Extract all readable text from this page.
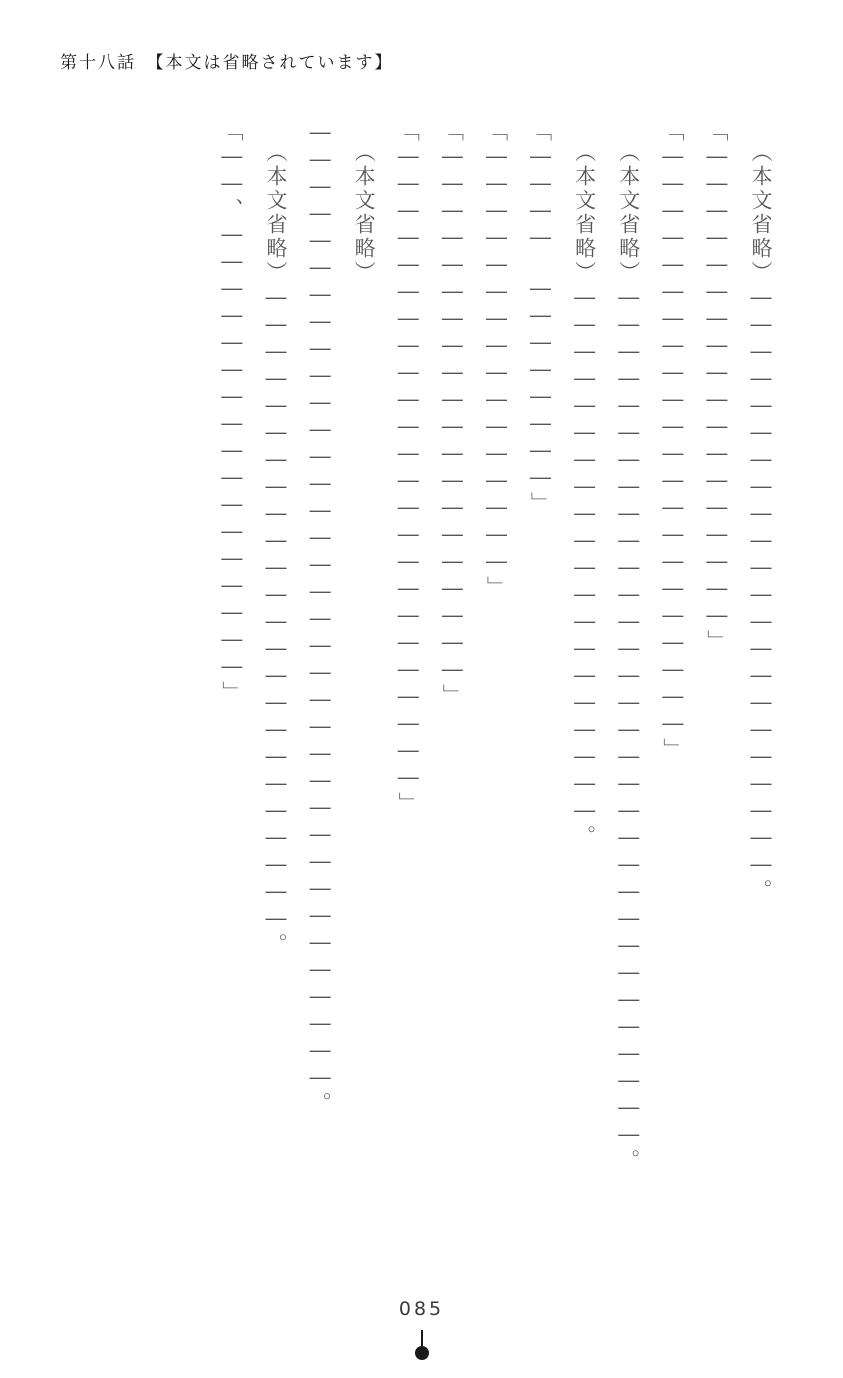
第十八話　【本文は省略されています】

（本文省略）――――――――――――――――――――――。

「――――――――――――――――――」

「――――――――――――――――――――――」

（本文省略）――――――――――――――――――――――――――――――――。

（本文省略）――――――――――――――――――――。

「――――　――――――――」

「――――――――――――――――」

「――――――――――――――――――――」

「――――――――――――――――――――――――」

（本文省略）――――――――――――――――――――――――――――――――――――。

（本文省略）――――――――――――――――――――――――。

「――、―――――――――――――――――」

085
